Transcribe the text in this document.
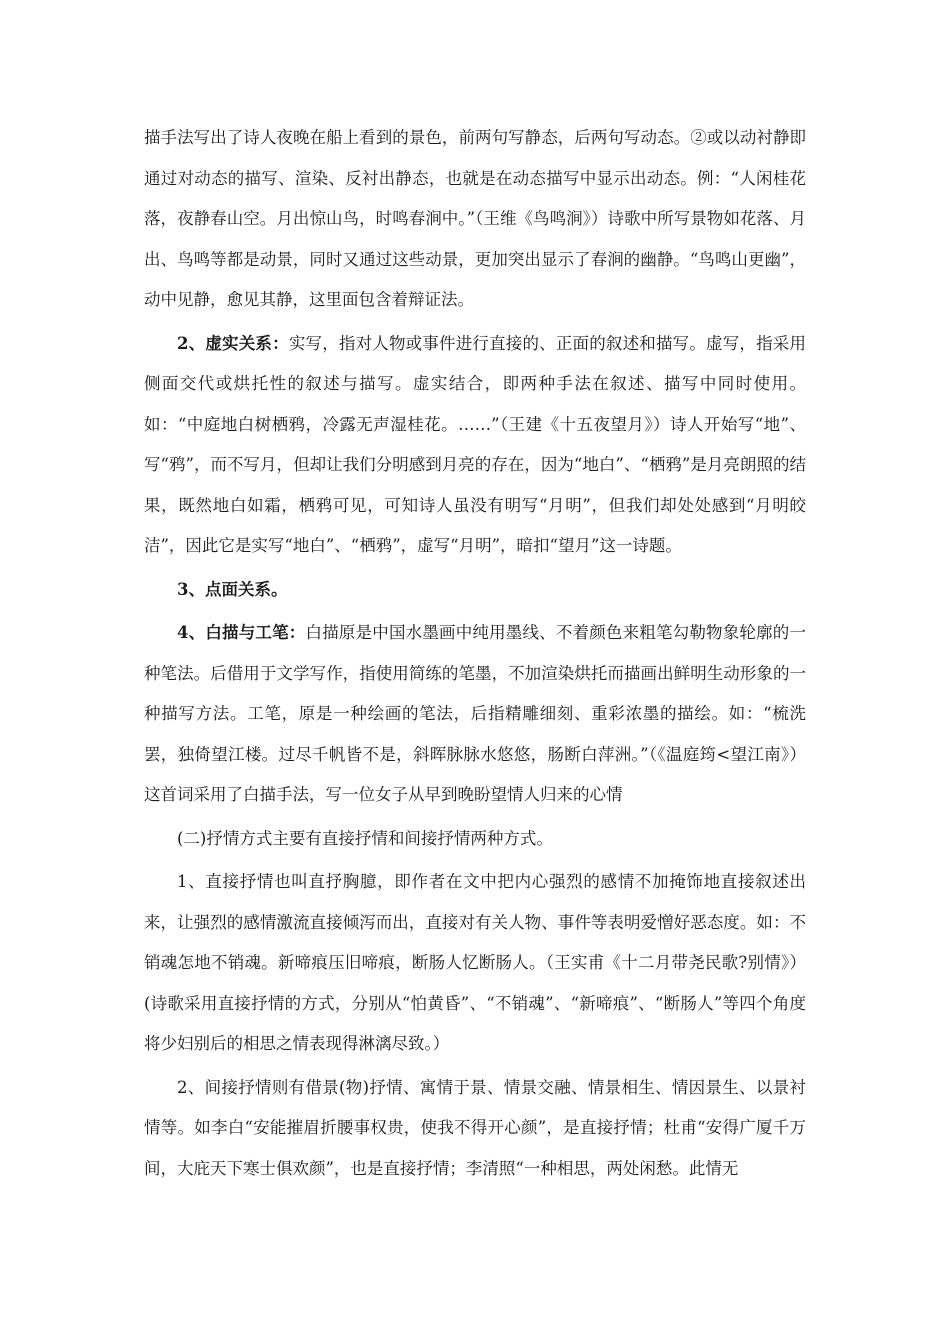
描手法写出了诗人夜晚在船上看到的景色，前两句写静态，后两句写动态。②或以动衬静即通过对动态的描写、渲染、反衬出静态，也就是在动态描写中显示出动态。例：“人闲桂花落，夜静春山空。月出惊山鸟，时鸣春涧中。”（王维《鸟鸣涧》）诗歌中所写景物如花落、月出、鸟鸣等都是动景，同时又通过这些动景，更加突出显示了春涧的幽静。“鸟鸣山更幽”，动中见静，愈见其静，这里面包含着辩证法。

2、虚实关系：实写，指对人物或事件进行直接的、正面的叙述和描写。虚写，指采用侧面交代或烘托性的叙述与描写。虚实结合，即两种手法在叙述、描写中同时使用。如：“中庭地白树栖鸦，冷露无声湿桂花。……”（王建《十五夜望月》）诗人开始写“地”、写“鸦”，而不写月，但却让我们分明感到月亮的存在，因为“地白”、“栖鸦”是月亮朗照的结果，既然地白如霜，栖鸦可见，可知诗人虽没有明写“月明”，但我们却处处感到“月明皎洁”，因此它是实写“地白”、“栖鸦”，虚写“月明”，暗扣“望月”这一诗题。

3、点面关系。

4、白描与工笔：白描原是中国水墨画中纯用墨线、不着颜色来粗笔勾勒物象轮廓的一种笔法。后借用于文学写作，指使用简练的笔墨，不加渲染烘托而描画出鲜明生动形象的一种描写方法。工笔，原是一种绘画的笔法，后指精雕细刻、重彩浓墨的描绘。如：“梳洗罢，独倚望江楼。过尽千帆皆不是，斜晖脉脉水悠悠，肠断白萍洲。”（《温庭筠<望江南》）这首词采用了白描手法，写一位女子从早到晚盼望情人归来的心情

(二)抒情方式主要有直接抒情和间接抒情两种方式。

1、直接抒情也叫直抒胸臆，即作者在文中把内心强烈的感情不加掩饰地直接叙述出来，让强烈的感情激流直接倾泻而出，直接对有关人物、事件等表明爱憎好恶态度。如：不销魂怎地不销魂。新啼痕压旧啼痕，断肠人忆断肠人。（王实甫《十二月带尧民歌?别情》）(诗歌采用直接抒情的方式，分别从“怕黄昏”、“不销魂”、“新啼痕”、“断肠人”等四个角度将少妇别后的相思之情表现得淋漓尽致。）

2、间接抒情则有借景(物)抒情、寓情于景、情景交融、情景相生、情因景生、以景衬情等。如李白“安能摧眉折腰事权贵，使我不得开心颜”，是直接抒情；杜甫“安得广厦千万间，大庇天下寒士俱欢颜”，也是直接抒情；李清照“一种相思，两处闲愁。此情无
